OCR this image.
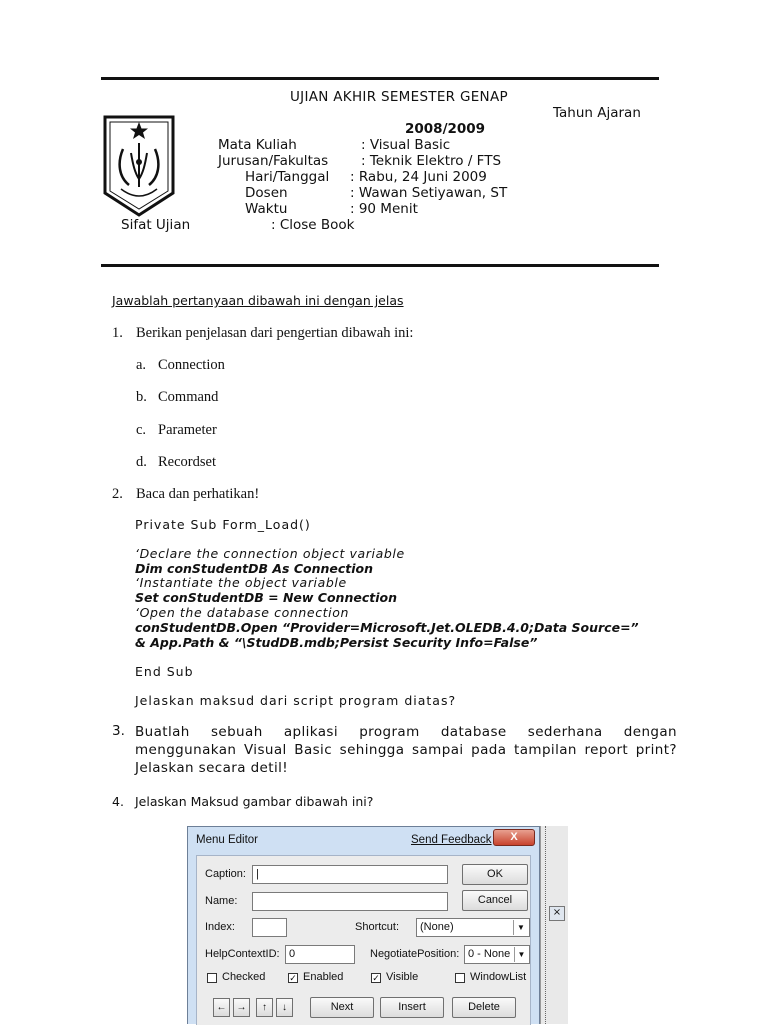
UJIAN AKHIR SEMESTER GENAP
Tahun Ajaran
2008/2009
Mata Kuliah	: Visual Basic
Jurusan/Fakultas : Teknik Elektro / FTS
Hari/Tanggal : Rabu, 24 Juni 2009
Dosen	: Wawan Setiyawan, ST
Waktu	: 90 Menit
Sifat Ujian	: Close Book
Jawablah pertanyaan dibawah ini dengan jelas
1. Berikan penjelasan dari pengertian dibawah ini:
a. Connection
b. Command
c. Parameter
d. Recordset
2. Baca dan perhatikan!
Private Sub Form_Load()
‘Declare the connection object variable
Dim conStudentDB As Connection
‘Instantiate the object variable
Set conStudentDB = New Connection
‘Open the database connection
conStudentDB.Open “Provider=Microsoft.Jet.OLEDB.4.0;Data Source=”
& App.Path & “\StudDB.mdb;Persist Security Info=False”
End Sub
Jelaskan maksud dari script program diatas?
3. Buatlah sebuah aplikasi program database sederhana dengan menggunakan Visual Basic sehingga sampai pada tampilan report print? Jelaskan secara detil!
4. Jelaskan Maksud gambar dibawah ini?
×
Menu Editor	Send Feedback	X
Caption: |	OK
Name:	Cancel
Index:	Shortcut:	(None)	▼
HelpContextID: 0	NegotiatePosition: 0 - None ▼
Checked	✓ Enabled	✓ Visible	WindowList
←	→	↑	↓	Next	Insert	Delete
